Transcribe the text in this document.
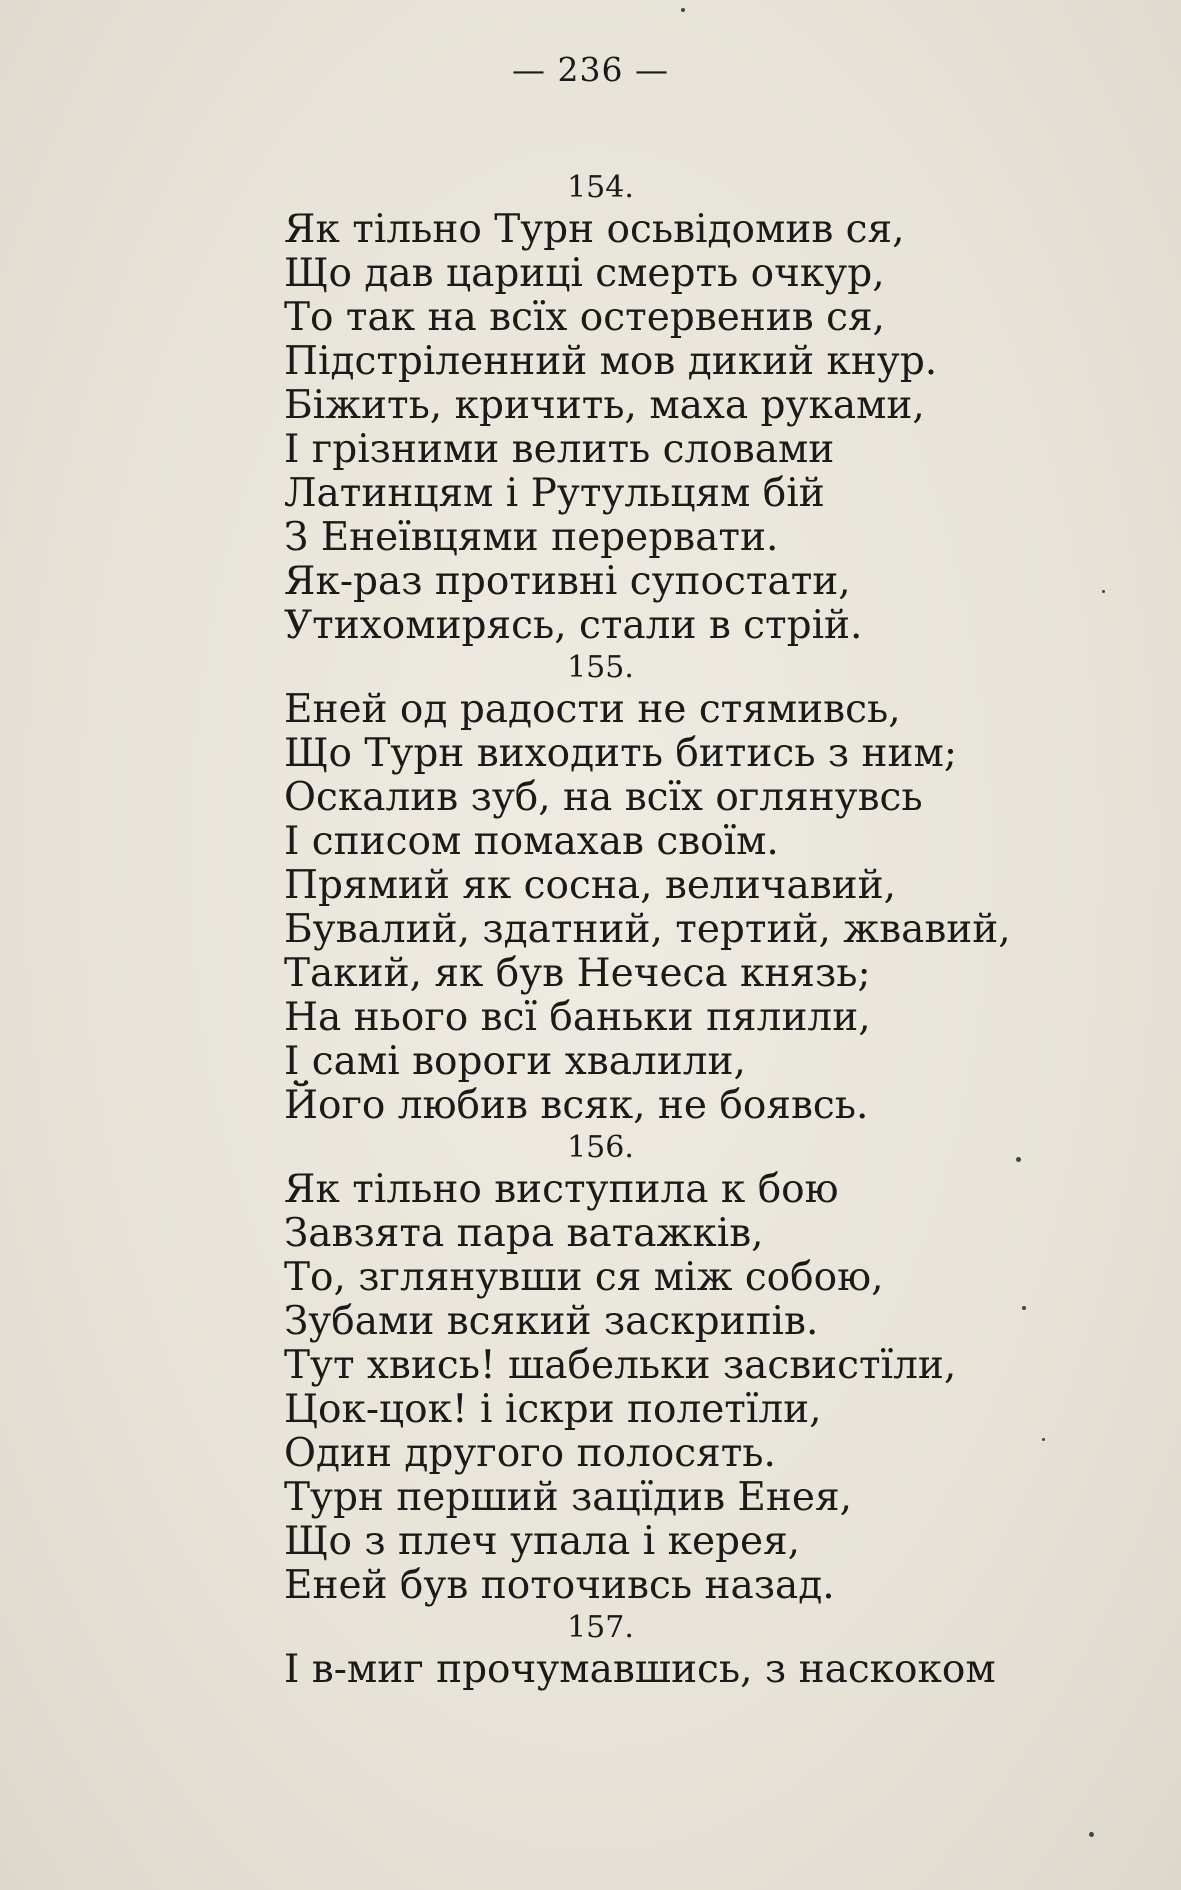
— 236 —
154.
Як тільно Турн осьвідомив ся,
Що дав цариці смерть очкур,
То так на всїх остервенив ся,
Підстріленний мов дикий кнур.
Біжить, кричить, маха руками,
І грізними велить словами
Латинцям і Рутульцям бій
З Енеївцями перервати.
Як-раз противні супостати,
Утихомирясь, стали в стрій.
155.
Еней од радости не стямивсь,
Що Турн виходить битись з ним;
Оскалив зуб, на всїх оглянувсь
І списом помахав своїм.
Прямий як сосна, величавий,
Бувалий, здатний, тертий, жвавий,
Такий, як був Нечеса князь;
На нього всї баньки пялили,
І самі вороги хвалили,
Його любив всяк, не боявсь.
156.
Як тільно виступила к бою
Завзята пара ватажків,
То, зглянувши ся між собою,
Зубами всякий заскрипів.
Тут хвись! шабельки засвистїли,
Цок-цок! і іскри полетїли,
Один другого полосять.
Турн перший зацїдив Енея,
Що з плеч упала і керея,
Еней був поточивсь назад.
157.
І в-миг прочумавшись, з наскоком
